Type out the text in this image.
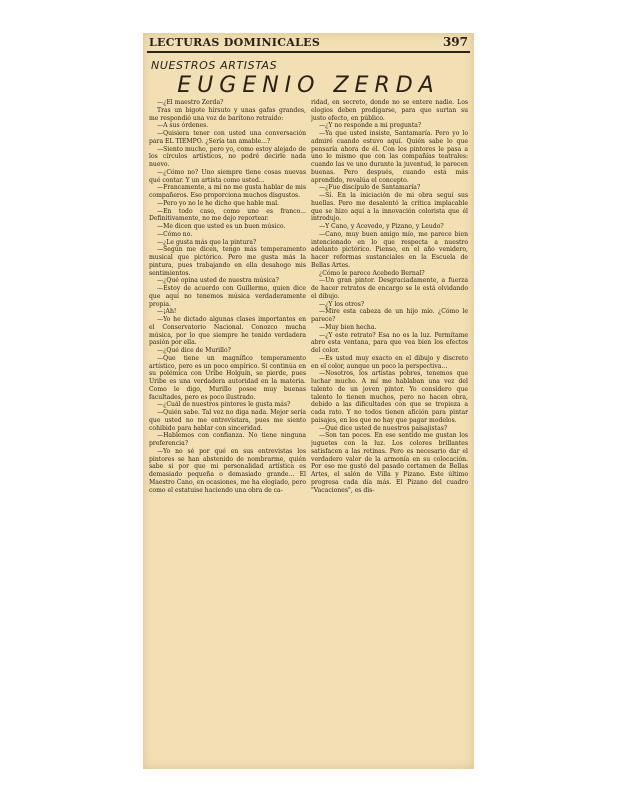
LECTURAS DOMINICALES	397
NUESTROS ARTISTAS
EUGENIO ZERDA

—¿El maestro Zerda?

Tras un bigote hirsuto y unas gafas grandes, me respondió una voz de barítono retraído:

—A sus órdenes.

—Quisiera tener con usted una conversación para EL TIEMPO. ¿Sería tan amable...?

—Siento mucho, pero yo, como estoy alejado de los círculos artísticos, no podré decirle nada nuevo.

—¿Cómo no? Uno siempre tiene cosas nuevas qué contar. Y un artista como usted...

—Francamente, a mí no me gusta hablar de mis compañeros. Eso proporciona muchos disgustos.

—Pero yo no le he dicho que hable mal.

—En todo caso, como uno es franco... Definitivamente, no me dejo reportear.

—Me dicen que usted es un buen músico.

—Cómo no.

—¿Le gusta más que la pintura?

—Según me dicen, tengo más temperamento musical que pictórico. Pero me gusta más la pintura, pues trabajando en ella desahogo mis sentimientos.

—¿Qué opina usted de nuestra música?

—Estoy de acuerdo con Guillermo, quien dice que aquí no tenemos música verdaderamente propia.

—¡Ah!

—Yo he dictado algunas clases importantes en el Conservatorio Nacional. Conozco mucha música, por lo que siempre he tenido verdadera pasión por ella.

—¿Qué dice de Murillo?

—Que tiene un magnífico temperamento artístico, pero es un poco empírico. Si continúa en su polémica con Uribe Holguín, se pierde, pues Uribe es una verdadera autoridad en la materia. Como le digo, Murillo posee muy buenas facultades, pero es poco ilustrado.

—¿Cuál de nuestros pintores le gusta más?

—Quién sabe. Tal vez no diga nada. Mejor sería que usted no me entrevistara, pues me siento cohibido para hablar con sinceridad.

—Hablemos con confianza. No tiene ninguna preferencia?

—Yo no sé por qué en sus entrevistas los pintores se han abstenido de nombrarme, quién sabe si por que mi personalidad artística es demasiado pequeña o demasiado grande... El Maestro Cano, en ocasiones, me ha elogiado, pero como el estatuise haciendo una obra de ca-

ridad, en secreto, donde no se entere nadie. Los elogios deben prodigarse, para que surtan su justo efecto, en público.

—¿Y no responde a mi pregunta?

—Ya que usted insiste, Santamaría. Pero yo lo admiré cuando estuvo aquí. Quién sabe lo que pensaría ahora de él. Con los pintores le pasa a uno lo mismo que con las compañías teatrales: cuando las ve uno durante la juventud, le parecen buenas. Pero después, cuando está más aprendido, revalúa el concepto.

—¿Fue discípulo de Santamaría?

—Sí. En la iniciación de mi obra seguí sus huellas. Pero me desalentó la crítica implacable que se hizo aquí a la innovación colorista que él introdujo.

—Y Cano, y Acevedo, y Pizano, y Leudo?

—Cano, muy buen amigo mío, me parece bien intencionado en lo que respecta a nuestro adelanto pictórico. Pienso, en el año venidero, hacer reformas sustanciales en la Escuela de Bellas Artes.

¿Cómo le parece Acebedo Bernal?

—Un gran pintor. Desgraciadamente, a fuerza de hacer retratos de encargo se le está olvidando el dibujo.

—¿Y los otros?

—Mire esta cabeza de un hijo mío. ¿Cómo le parece?

—Muy bien hecha.

—¿Y este retrato? Esa no es la luz. Permítame abro esta ventana, para que vea bien los efectos del color.

—Es usted muy exacto en el dibujo y discreto en el color, aunque un poco la perspectiva...

—Nosotros, los artistas pobres, tenemos que luchar mucho. A mí me hablaban una vez del talento de un joven pintor. Yo considero que talento lo tienen muchos, pero no hacen obra, debido a las dificultades con que se tropieza a cada rato. Y no todos tienen afición para pintar paisajes, en los que no hay que pagar modelos.

—Qué dice usted de nuestros paisajistas?

—Son tan pocos. En ese sentido me gustan los juguetes con la luz. Los colores brillantes satisfacen a las retinas. Pero es necesario dar el verdadero valor de la armonía en su colocación. Por eso me gustó del pasado certamen de Bellas Artes, el salón de Villa y Pizano. Este último progresa cada día más. El Pizano del cuadro "Vacaciones", es dis-
